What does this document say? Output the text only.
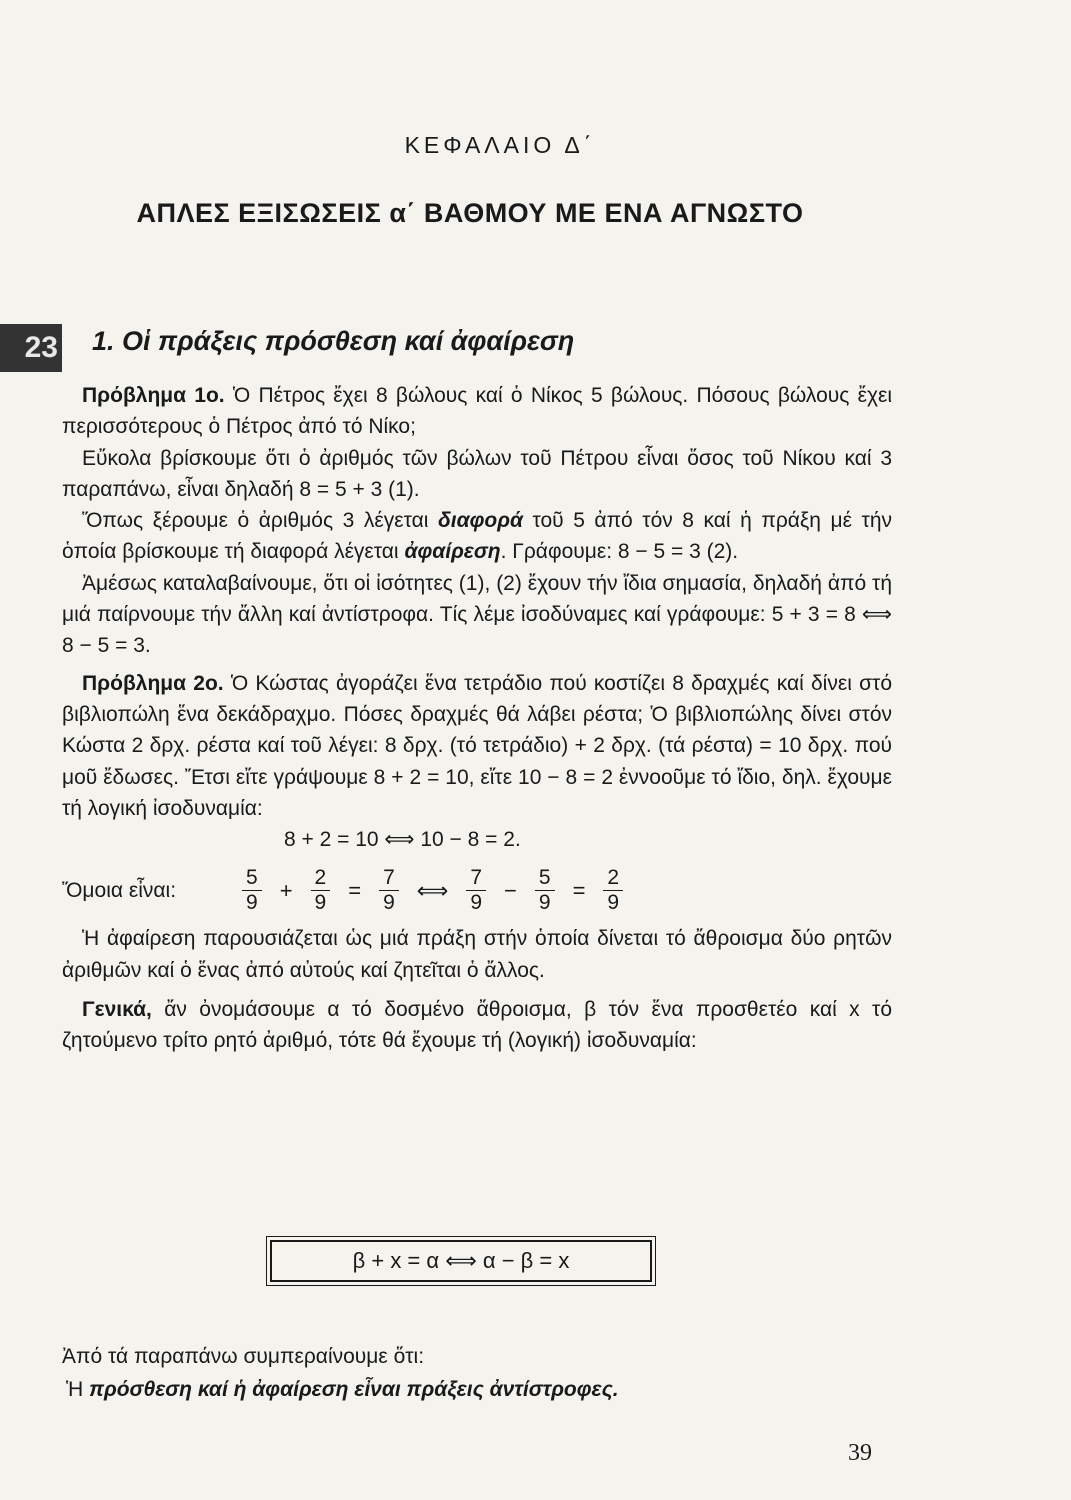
ΚΕΦΑΛΑΙΟ Δ΄
ΑΠΛΕΣ ΕΞΙΣΩΣΕΙΣ α΄ ΒΑΘΜΟΥ ΜΕ ΕΝΑ ΑΓΝΩΣΤΟ
23 1. Οἱ πράξεις πρόσθεση καί ἀφαίρεση

Πρόβλημα 1ο. Ὁ Πέτρος ἔχει 8 βώλους καί ὁ Νίκος 5 βώλους. Πόσους βώλους ἔχει περισσότερους ὁ Πέτρος ἀπό τό Νίκο;

Εὔκολα βρίσκουμε ὅτι ὁ ἀριθμός τῶν βώλων τοῦ Πέτρου εἶναι ὅσος τοῦ Νίκου καί 3 παραπάνω, εἶναι δηλαδή 8 = 5 + 3 (1).

Ὅπως ξέρουμε ὁ ἀριθμός 3 λέγεται διαφορά τοῦ 5 ἀπό τόν 8 καί ἡ πράξη μέ τήν ὁποία βρίσκουμε τή διαφορά λέγεται ἀφαίρεση. Γράφουμε: 8 − 5 = 3 (2).

Ἀμέσως καταλαβαίνουμε, ὅτι οἱ ἰσότητες (1), (2) ἔχουν τήν ἴδια σημασία, δηλαδή ἀπό τή μιά παίρνουμε τήν ἄλλη καί ἀντίστροφα. Τίς λέμε ἰσοδύναμες καί γράφουμε: 5 + 3 = 8 ⟺ 8 − 5 = 3.

Πρόβλημα 2ο. Ὁ Κώστας ἀγοράζει ἕνα τετράδιο πού κοστίζει 8 δραχμές καί δίνει στό βιβλιοπώλη ἕνα δεκάδραχμο. Πόσες δραχμές θά λάβει ρέστα; Ὁ βιβλιοπώλης δίνει στόν Κώστα 2 δρχ. ρέστα καί τοῦ λέγει: 8 δρχ. (τό τετράδιο) + 2 δρχ. (τά ρέστα) = 10 δρχ. πού μοῦ ἔδωσες. Ἔτσι εἴτε γράψουμε 8 + 2 = 10, εἴτε 10 − 8 = 2 ἐννοοῦμε τό ἴδιο, δηλ. ἔχουμε τή λογική ἰσοδυναμία:

8 + 2 = 10 ⟺ 10 − 8 = 2.

Ὅμοια εἶναι:	$\frac{5}{9} + \frac{2}{9} = \frac{7}{9}$ ⟺ $\frac{7}{9} - \frac{5}{9} = \frac{2}{9}$

Ἡ ἀφαίρεση παρουσιάζεται ὡς μιά πράξη στήν ὁποία δίνεται τό ἄθροισμα δύο ρητῶν ἀριθμῶν καί ὁ ἕνας ἀπό αὐτούς καί ζητεῖται ὁ ἄλλος.

Γενικά, ἄν ὀνομάσουμε α τό δοσμένο ἄθροισμα, β τόν ἕνα προσθετέο καί x τό ζητούμενο τρίτο ρητό ἀριθμό, τότε θά ἔχουμε τή (λογική) ἰσοδυναμία:

β + x = α ⟺ α − β = x

Ἀπό τά παραπάνω συμπεραίνουμε ὅτι:

Ἡ πρόσθεση καί ἡ ἀφαίρεση εἶναι πράξεις ἀντίστροφες.

39
